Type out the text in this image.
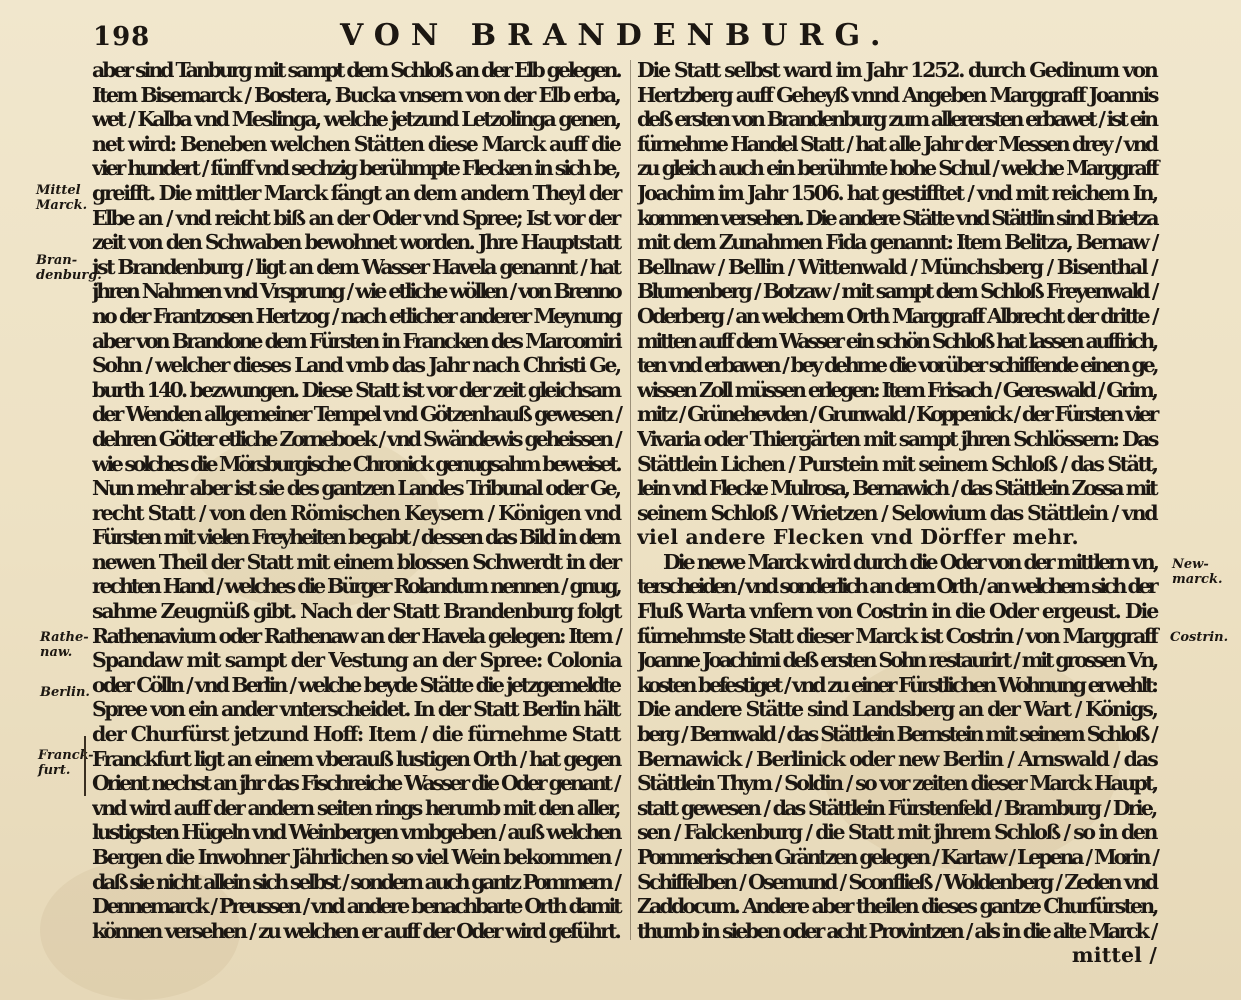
198	VON BRANDENBURG.
aber sind Tanburg mit sampt dem Schloß an der Elb gelegen.
Item Bisemarck / Bostera, Bucka vnsern von der Elb erba,
wet / Kalba vnd Meslinga, welche jetzund Letzolinga genen,
net wird: Beneben welchen Stätten diese Marck auff die
vier hundert / fünff vnd sechzig berühmpte Flecken in sich be,
greifft. Die mittler Marck fängt an dem andern Theyl der
Elbe an / vnd reicht biß an der Oder vnd Spree; Ist vor der
zeit von den Schwaben bewohnet worden. Jhre Hauptstatt
ist Brandenburg / ligt an dem Wasser Havela genannt / hat
jhren Nahmen vnd Vrsprung / wie etliche wöllen / von Brenno
no der Frantzosen Hertzog / nach etlicher anderer Meynung
aber von Brandone dem Fürsten in Francken des Marcomiri
Sohn / welcher dieses Land vmb das Jahr nach Christi Ge,
burth 140. bezwungen. Diese Statt ist vor der zeit gleichsam
der Wenden allgemeiner Tempel vnd Götzenhauß gewesen /
dehren Götter etliche Zorneboek / vnd Swändewis geheissen /
wie solches die Mörsburgische Chronick genugsahm beweiset.
Nun mehr aber ist sie des gantzen Landes Tribunal oder Ge,
recht Statt / von den Römischen Keysern / Königen vnd
Fürsten mit vielen Freyheiten begabt / dessen das Bild in dem
newen Theil der Statt mit einem blossen Schwerdt in der
rechten Hand / welches die Bürger Rolandum nennen / gnug,
sahme Zeugnüß gibt. Nach der Statt Brandenburg folgt
Rathenavium oder Rathenaw an der Havela gelegen: Item /
Spandaw mit sampt der Vestung an der Spree: Colonia
oder Cölln / vnd Berlin / welche beyde Stätte die jetzgemeldte
Spree von ein ander vnterscheidet. In der Statt Berlin hält
der Churfürst jetzund Hoff: Item / die fürnehme Statt
Franckfurt ligt an einem vberauß lustigen Orth / hat gegen
Orient nechst an jhr das Fischreiche Wasser die Oder genant /
vnd wird auff der andern seiten rings herumb mit den aller,
lustigsten Hügeln vnd Weinbergen vmbgeben / auß welchen
Bergen die Inwohner Jährlichen so viel Wein bekommen /
daß sie nicht allein sich selbst / sondern auch gantz Pommern /
Dennemarck / Preussen / vnd andere benachbarte Orth damit
können versehen / zu welchen er auff der Oder wird geführt.
Die Statt selbst ward im Jahr 1252. durch Gedinum von
Hertzberg auff Geheyß vnnd Angeben Marggraff Joannis
deß ersten von Brandenburg zum allerersten erbawet / ist ein
fürnehme Handel Statt / hat alle Jahr der Messen drey / vnd
zu gleich auch ein berühmte hohe Schul / welche Marggraff
Joachim im Jahr 1506. hat gestifftet / vnd mit reichem In,
kommen versehen. Die andere Stätte vnd Stättlin sind Brietza
mit dem Zunahmen Fida genannt: Item Belitza, Bernaw /
Bellnaw / Bellin / Wittenwald / Münchsberg / Bisenthal /
Blumenberg / Botzaw / mit sampt dem Schloß Freyenwald /
Oderberg / an welchem Orth Marggraff Albrecht der dritte /
mitten auff dem Wasser ein schön Schloß hat lassen auffrich,
ten vnd erbawen / bey dehme die vorüber schiffende einen ge,
wissen Zoll müssen erlegen: Item Frisach / Gereswald / Grim,
mitz / Grünehevden / Grunwald / Koppenick / der Fürsten vier
Vivaria oder Thiergärten mit sampt jhren Schlössern: Das
Stättlein Lichen / Purstein mit seinem Schloß / das Stätt,
lein vnd Flecke Mulrosa, Bernawich / das Stättlein Zossa mit
seinem Schloß / Wrietzen / Selowium das Stättlein / vnd
viel andere Flecken vnd Dörffer mehr.
Die newe Marck wird durch die Oder von der mittlern vn,
terscheiden / vnd sonderlich an dem Orth / an welchem sich der
Fluß Warta vnfern von Costrin in die Oder ergeust. Die
fürnehmste Statt dieser Marck ist Costrin / von Marggraff
Joanne Joachimi deß ersten Sohn restaurirt / mit grossen Vn,
kosten befestiget / vnd zu einer Fürstlichen Wohnung erwehlt:
Die andere Stätte sind Landsberg an der Wart / Königs,
berg / Bernwald / das Stättlein Bernstein mit seinem Schloß /
Bernawick / Berlinick oder new Berlin / Arnswald / das
Stättlein Thym / Soldin / so vor zeiten dieser Marck Haupt,
statt gewesen / das Stättlein Fürstenfeld / Bramburg / Drie,
sen / Falckenburg / die Statt mit jhrem Schloß / so in den
Pommerischen Gräntzen gelegen / Kartaw / Lepena / Morin /
Schiffelben / Osemund / Sconfließ / Woldenberg / Zeden vnd
Zaddocum. Andere aber theilen dieses gantze Churfürsten,
thumb in sieben oder acht Provintzen / als in die alte Marck /
mittel /
Mittel
Marck.
Bran-
denburg.
Rathe-
naw.
Berlin.
Franck-
furt.
New-
marck.
Costrin.
